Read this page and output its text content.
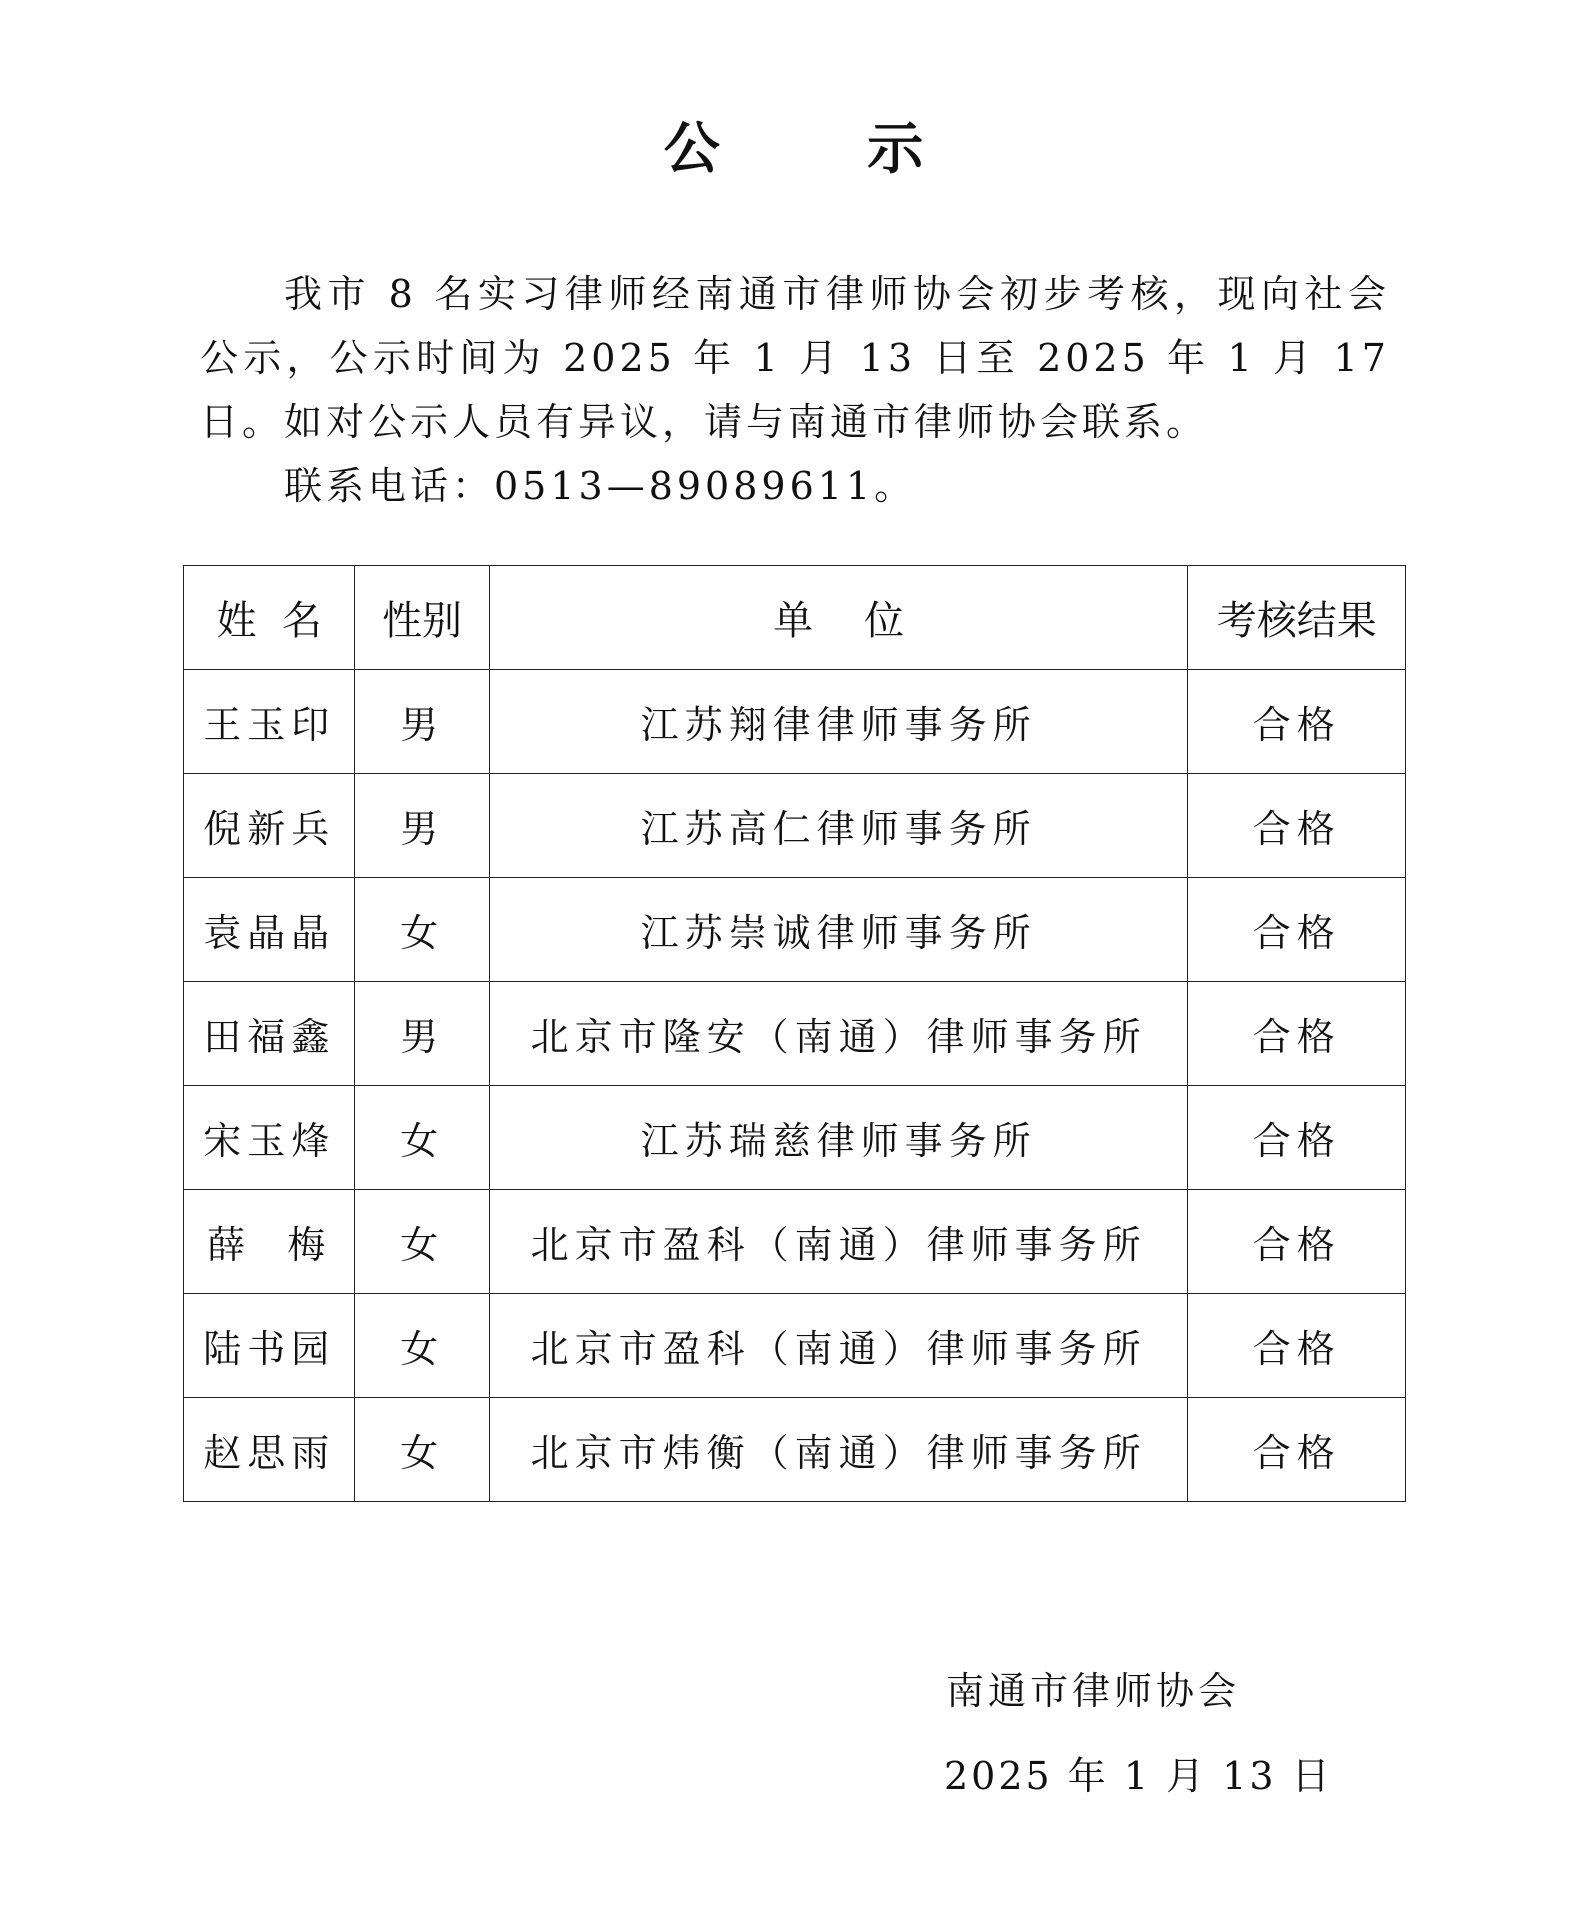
公 示

我市 8 名实习律师经南通市律师协会初步考核，现向社会公示，公示时间为 2025 年 1 月 13 日至 2025 年 1 月 17 日。如对公示人员有异议，请与南通市律师协会联系。

联系电话：0513—89089611。

姓  名	性别	单    位	考核结果
王玉印	男	江苏翔律律师事务所	合格
倪新兵	男	江苏高仁律师事务所	合格
袁晶晶	女	江苏崇诚律师事务所	合格
田福鑫	男	北京市隆安（南通）律师事务所	合格
宋玉烽	女	江苏瑞慈律师事务所	合格
薛  梅	女	北京市盈科（南通）律师事务所	合格
陆书园	女	北京市盈科（南通）律师事务所	合格
赵思雨	女	北京市炜衡（南通）律师事务所	合格
南通市律师协会
2025 年 1 月 13 日
